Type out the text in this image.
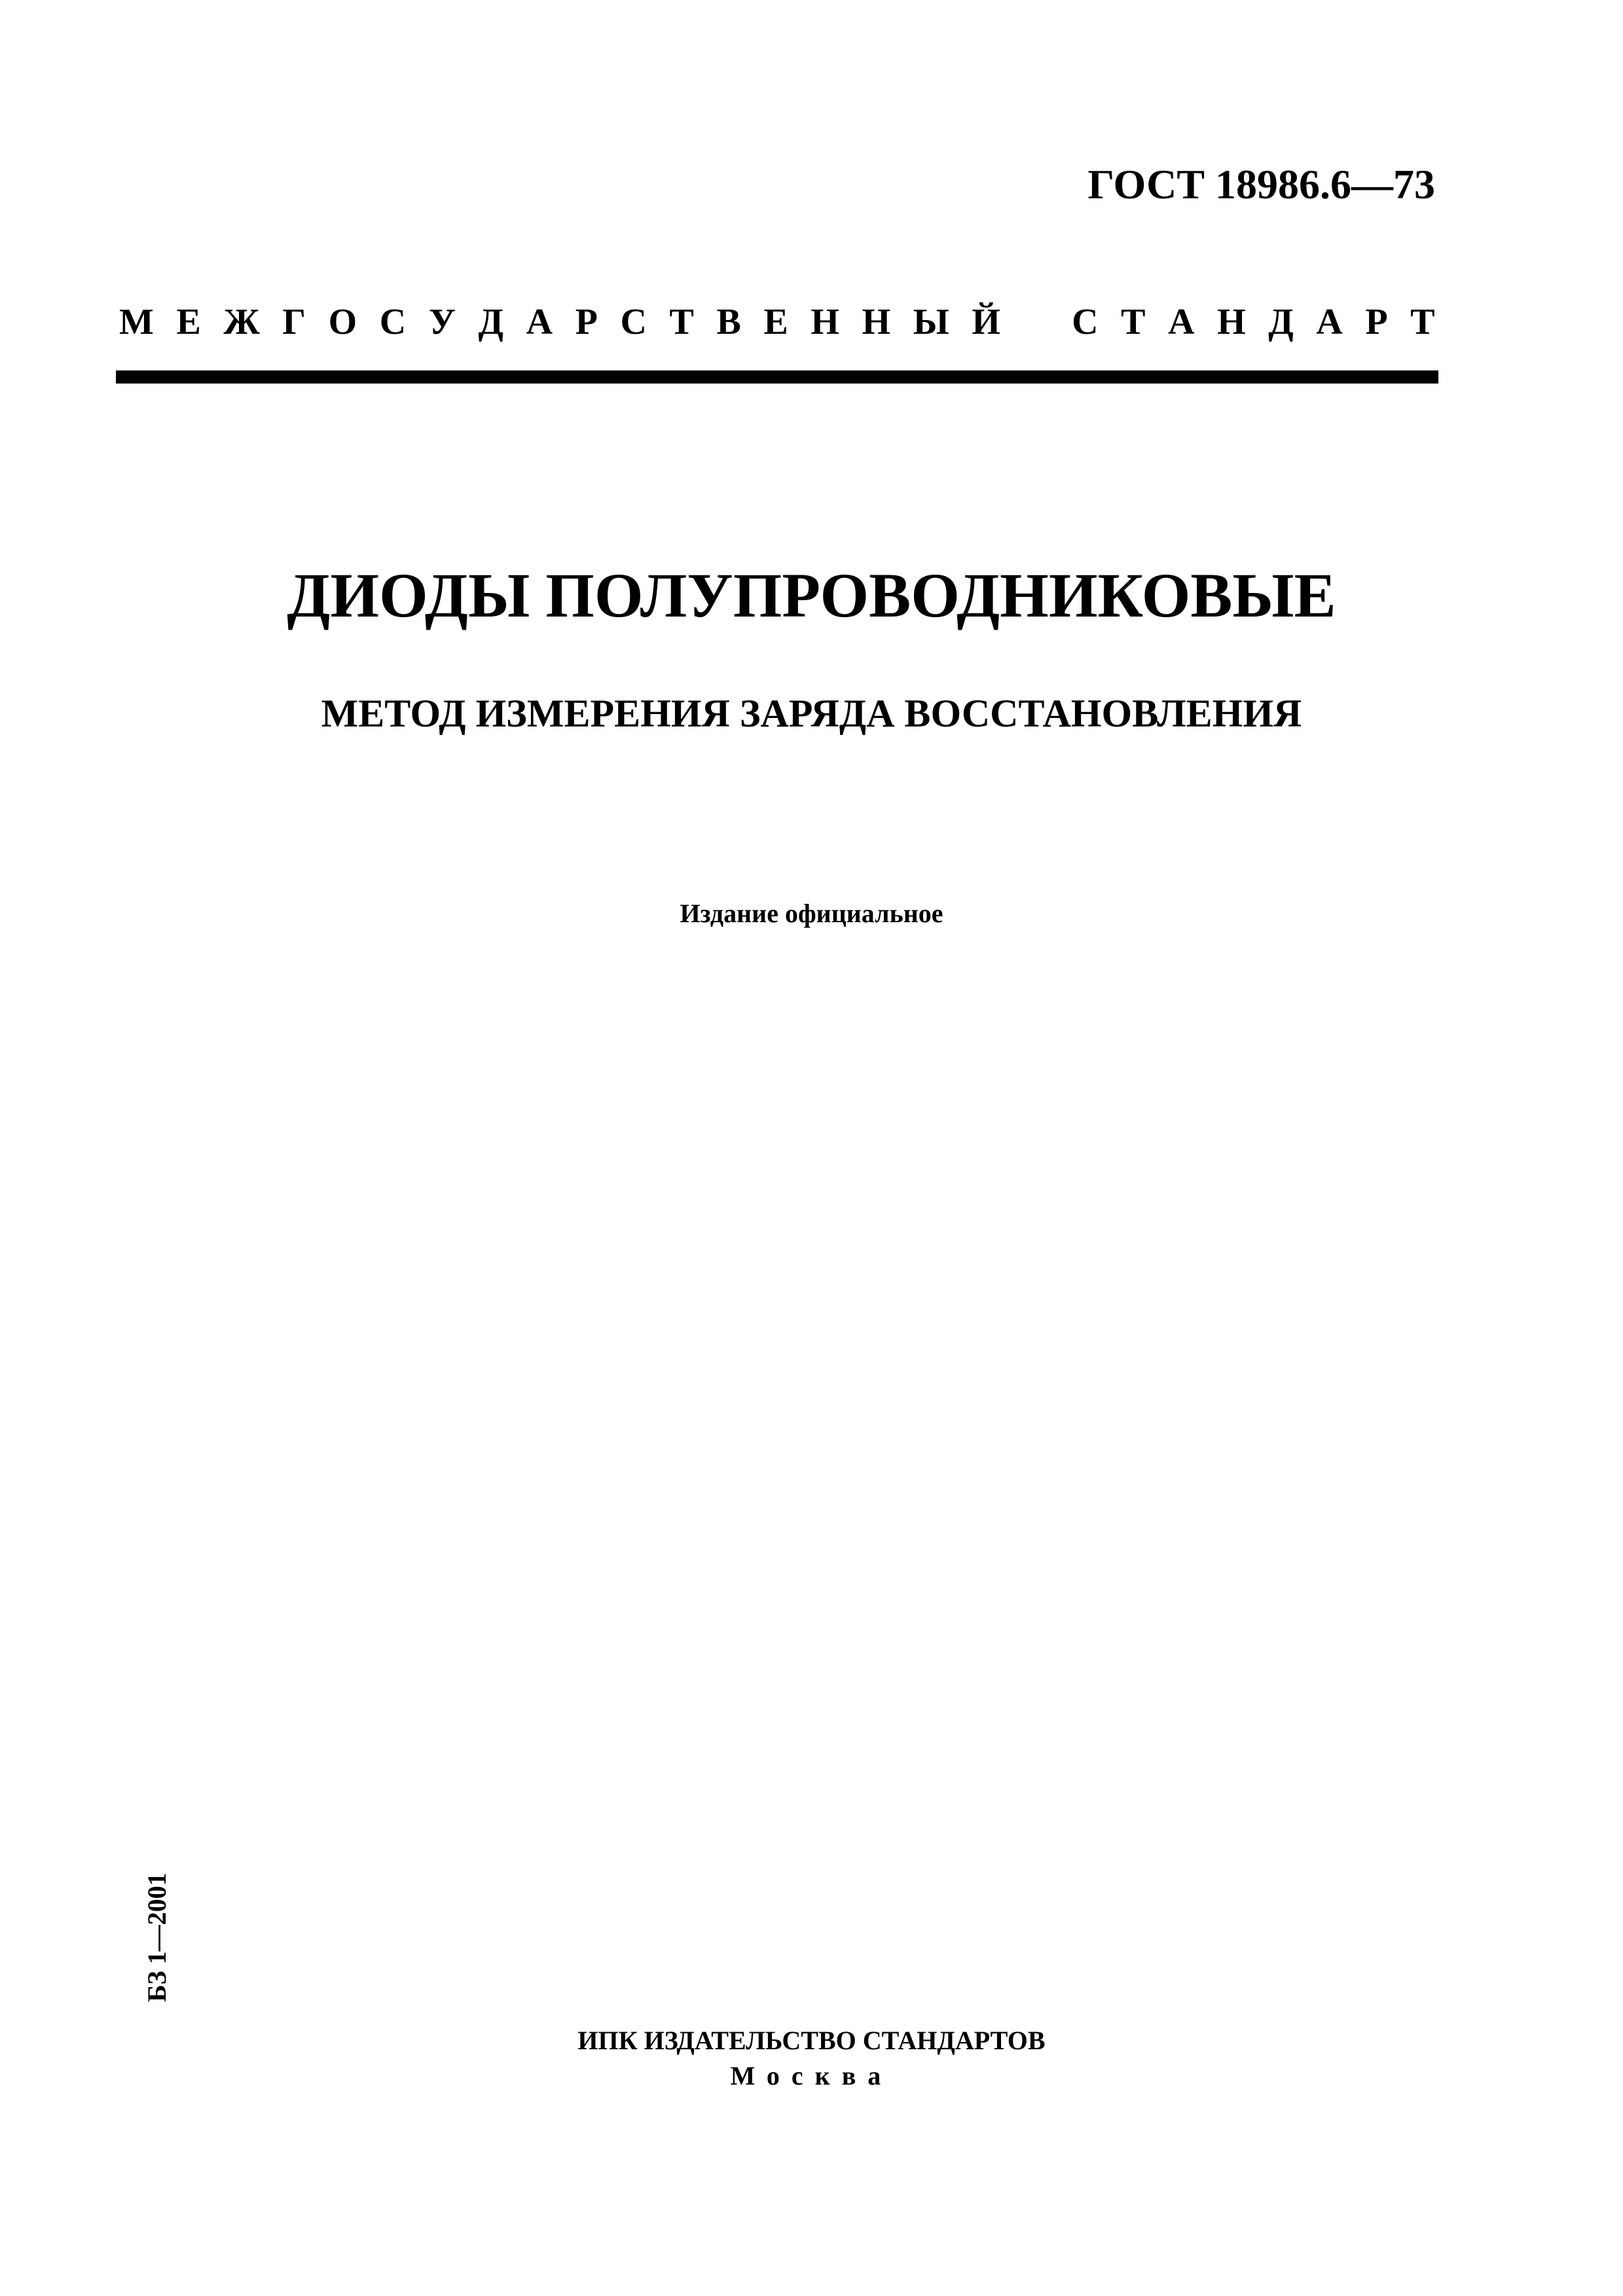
ГОСТ 18986.6—73
М Е Ж Г О С У Д А Р С Т В Е Н Н Ы Й С Т А Н Д А Р Т
ДИОДЫ ПОЛУПРОВОДНИКОВЫЕ
МЕТОД ИЗМЕРЕНИЯ ЗАРЯДА ВОССТАНОВЛЕНИЯ
Издание официальное
БЗ 1—2001
ИПК ИЗДАТЕЛЬСТВО СТАНДАРТОВ
Москва
